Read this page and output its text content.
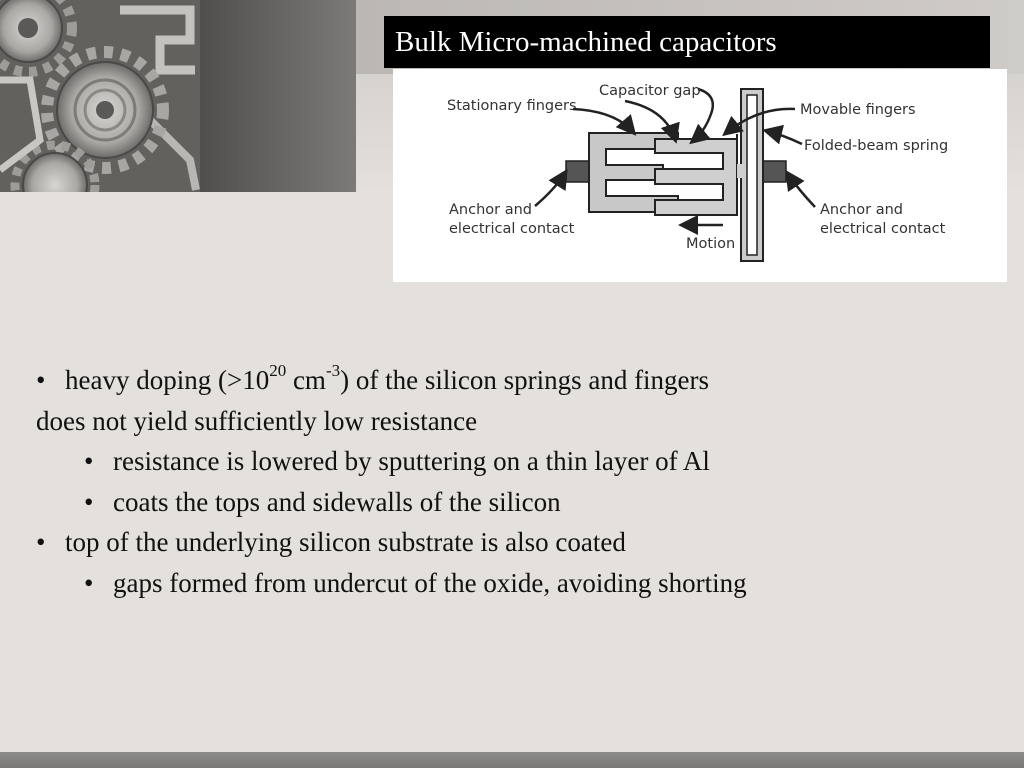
Bulk Micro-machined capacitors
Stationary fingers
Capacitor gap
Movable fingers
Folded-beam spring
Anchor and
electrical contact
Anchor and
electrical contact
Motion
• heavy doping ($>10^{20}$ $cm^{-3}$) of the silicon springs and fingers
does not yield sufficiently low resistance
• resistance is lowered by sputtering on a thin layer of Al
• coats the tops and sidewalls of the silicon
• top of the underlying silicon substrate is also coated
• gaps formed from undercut of the oxide, avoiding shorting
